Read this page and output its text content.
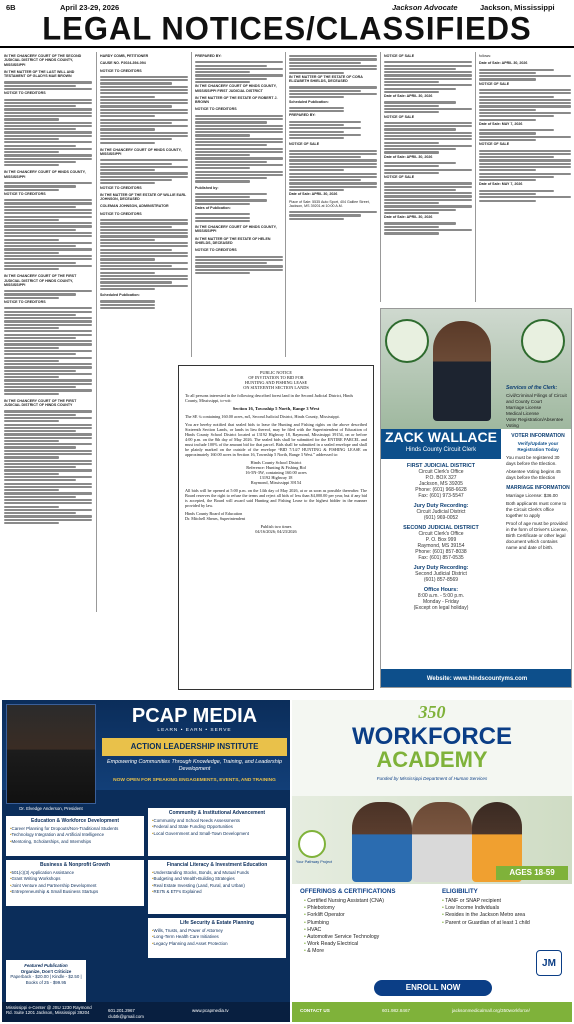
6B	April 23-29, 2026	Jackson Advocate	Jackson, Mississippi
LEGAL NOTICES/CLASSIFIEDS

IN THE CHANCERY COURT OF THE SECOND JUDICIAL DISTRICT OF HINDS COUNTY, MISSISSIPPI

IN THE MATTER OF THE LAST WILL AND TESTAMENT OF GLADYS MAE BROWN

NOTICE TO CREDITORS

IN THE CHANCERY COURT OF HINDS COUNTY, MISSISSIPPI

NOTICE TO CREDITORS

IN THE CHANCERY COURT OF THE FIRST JUDICIAL DISTRICT OF HINDS COUNTY, MISSISSIPPI

NOTICE TO CREDITORS

IN THE CHANCERY COURT OF THE FIRST JUDICIAL DISTRICT OF HINDS COUNTY

HARDY COMB, PETITIONER

CAUSE NO. P2024-394-094

NOTICE TO CREDITORS

IN THE CHANCERY COURT OF HINDS COUNTY, MISSISSIPPI

NOTICE TO CREDITORS

IN THE MATTER OF THE ESTATE OF WILLIE EARL JOHNSON, DECEASED

COLEMAN JOHNSON, ADMINISTRATOR

NOTICE TO CREDITORS

Scheduled Publication:

PREPARED BY:

IN THE CHANCERY COURT OF HINDS COUNTY, MISSISSIPPI FIRST JUDICIAL DISTRICT

IN THE MATTER OF THE ESTATE OF ROBERT J. BROWN

NOTICE TO CREDITORS

Published by:

Dates of Publication:

IN THE CHANCERY COURT OF HINDS COUNTY, MISSISSIPPI

IN THE MATTER OF THE ESTATE OF HELEN SHIELDS, DECEASED

NOTICE TO CREDITORS

IN THE MATTER OF THE ESTATE OF CORA ELIZABETH SHIELDS, DECEASED

Scheduled Publication:

PREPARED BY:

NOTICE OF SALE

Date of Sale: APRIL 30, 2026

Place of Sale: 5535 Auto Sport, 404 Galilee Street, Jackson, MS 39201 at 10:00 A.M.

NOTICE OF SALE

Date of Sale: APRIL 30, 2026

NOTICE OF SALE

Date of Sale: APRIL 30, 2026

NOTICE OF SALE

Date of Sale: APRIL 30, 2026

follows:

Date of Sale: APRIL 30, 2026

NOTICE OF SALE

Date of Sale: MAY 7, 2026

NOTICE OF SALE

Date of Sale: MAY 7, 2026

PUBLIC NOTICE
OF INVITATION TO BID FOR
HUNTING AND FISHING LEASE
ON SIXTEENTH SECTION LANDS

To all persons interested in the following described forest land in the Second Judicial District, Hinds County, Mississippi, to-wit:

Section 16, Township 5 North, Range 3 West

The SE ¼ containing 160.00 acres, m/l, Second Judicial District, Hinds County, Mississippi.

You are hereby notified that sealed bids to lease the Hunting and Fishing rights on the above described Sixteenth Section Lands, or lands in lieu thereof, may be filed with the Superintendent of Education of Hinds County School District located at 13192 Highway 18, Raymond, Mississippi 39154, on or before 4:00 p.m. on the 8th day of May 2026. The sealed bids shall be submitted for the ENTIRE PARCEL and must include 100% of the amount bid for that parcel. Bids shall be submitted in a sealed envelope and shall be plainly marked on the outside of the envelope “BID 7/14/7 HUNTING & FISHING LEASE on approximately 160.00 acres in Section 16, Township 5 North, Range 3 West.” addressed to:

Hinds County School District
Reference: Hunting & Fishing Bid
16-5N-3W, containing 160.00 acres
13192 Highway 18
Raymond, Mississippi 39154

All bids will be opened at 5:00 p.m. on the 14th day of May 2026, at or as soon as possible thereafter. The Board reserves the right to refuse the terms and reject all bids of less than $4,000.00 per year, but if any bid is accepted, the Board will award said Hunting and Fishing Lease to the highest bidder in the manner provided by law.

Hinds County Board of Education
Dr. Mitchell Shears, Superintendent
Publish two times
04/16/2026; 04/23/2026
ZACK WALLACE
Hinds County Circuit Clerk
FIRST JUDICIAL DISTRICT
Circuit Clerk's Office
P.O. BOX 327
Jackson, MS 39205
Phone: (601) 968-6628
Fax: (601) 973-5547
Jury Duty Recording:
Circuit Judicial District
(601) 969-0052
SECOND JUDICIAL DISTRICT
Circuit Clerk's Office
P. O. Box 999
Raymond, MS 39154
Phone: (601) 857-8038
Fax: (601) 857-0535
Jury Duty Recording:
Second Judicial District
(601) 857-8569
Office Hours:
8:00 a.m. - 5:00 p.m.
Monday - Friday
(Except on legal holiday)
Services of the Clerk:
Civil/Criminal Filings of Circuit and County Court
Marriage License
Medical License
Voter Registration/Absentee Voting
VOTER INFORMATION
Verify/Update your Registration Today
You must be registered 30 days before the Election.
Absentee Voting begins 45 days before the Election
MARRIAGE INFORMATION
Marriage License: $36.00
Both applicants must come to the Circuit Clerk's office together to apply
Proof of age must be provided in the form of Driver's License, Birth Certificate or other legal document which contains name and date of birth.
Website: www.hindscountyms.com
PCAP MEDIA
LEARN • EARN • SERVE
ACTION LEADERSHIP INSTITUTE
Empowering Communities Through Knowledge, Training, and Leadership Development
NOW OPEN FOR SPEAKING ENGAGEMENTS, EVENTS, AND TRAINING
Dr. Elvedge Anderson, President
Education & Workforce Development
• Career Planning for Dropouts/Non-Traditional Students
• Technology Integration and Artificial Intelligence
• Mentoring, Scholarships, and Internships
Community & Institutional Advancement
• Community and School Needs Assessments
• Federal and State Funding Opportunities
• Local Government and Small-Town Development
Business & Nonprofit Growth
• 501(c)(3) Application Assistance
• Grant Writing Workshops
• Joint Venture and Partnership Development
• Entrepreneurship & Small Business Startups
Financial Literacy & Investment Education
• Understanding Stocks, Bonds, and Mutual Funds
• Budgeting and Wealth-Building Strategies
• Real Estate Investing (Land, Rural, and Urban)
• REITs & ETFs Explained
Life Security & Estate Planning
• Wills, Trusts, and Power of Attorney
• Long-Term Health Care Initiatives
• Legacy Planning and Asset Protection
Featured Publication
Organize, Don't Criticize
Paperback - $20.00 | Kindle - $2.50 | Books of 25 - $99.95
Mississippi e-Center @ JSU 1230 Raymond Rd. Suite 1201 Jackson, Mississippi 39204	601.201.2967
clubtk@gmail.com
www.pcapmedia.tv
350
WORKFORCE
ACADEMY
Funded by Mississippi Department of Human Services
Your Pathway Project
AGES 18-59
OFFERINGS & CERTIFICATIONS
• Certified Nursing Assistant (CNA)
• Phlebotomy
• Forklift Operator
• Plumbing
• HVAC
• Automotive Service Technology
• Work Ready Electrical
• & More
ELIGIBILITY
• TANF or SNAP recipient
• Low Income Individuals
• Resides in the Jackson Metro area
• Parent or Guardian of at least 1 child
JM
ENROLL NOW
CONTACT US	601.982.8467	jacksonmedicalmall.org/350workforce/
